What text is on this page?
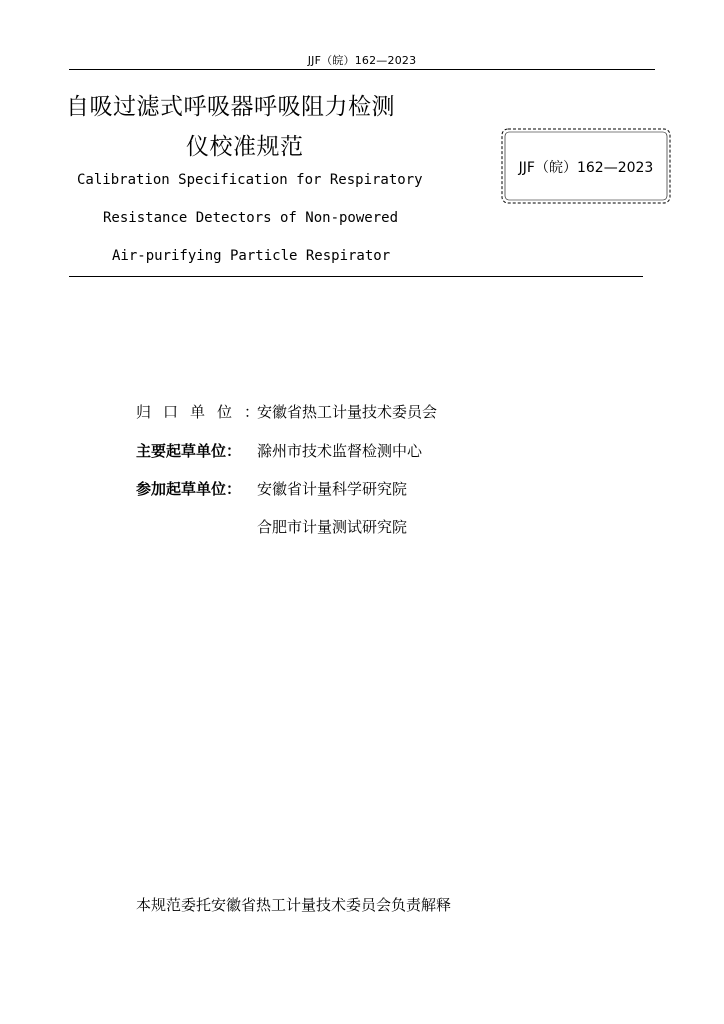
JJF（皖）162—2023
自吸过滤式呼吸器呼吸阻力检测
仪校准规范
Calibration Specification for Respiratory
Resistance Detectors of Non-powered
Air-purifying Particle Respirator
JJF（皖）162—2023
归口单位：安徽省热工计量技术委员会
主要起草单位： 滁州市技术监督检测中心
参加起草单位： 安徽省计量科学研究院
合肥市计量测试研究院
本规范委托安徽省热工计量技术委员会负责解释
